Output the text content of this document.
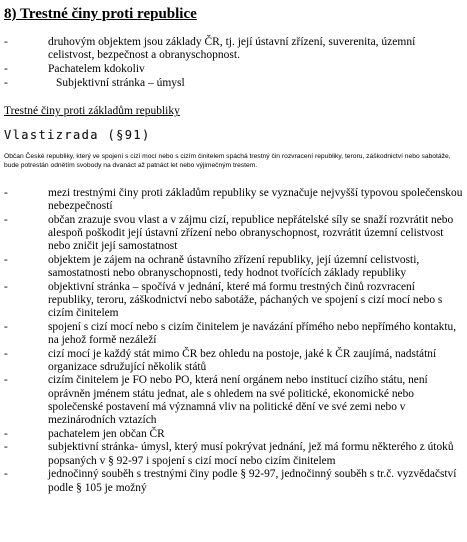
8) Trestné činy proti republice
- druhovým objektem jsou základy ČR, tj. její ústavní zřízení, suverenita, územní celistvost, bezpečnost a obranyschopnost.
- Pachatelem kdokoliv
- Subjektivní stránka – úmysl
Trestné činy proti základům republiky
Vlastizrada (§91)
Občan České republiky, který ve spojení s cizí mocí nebo s cizím činitelem spáchá trestný čin rozvracení republiky, teroru, záškodnictví nebo sabotáže, bude potrestán odnětím svobody na dvanáct až patnáct let nebo výjimečným trestem.
- mezi trestnými činy proti základům republiky se vyznačuje nejvyšší typovou společenskou nebezpečností
- občan zrazuje svou vlast a v zájmu cizí, republice nepřátelské síly se snaží rozvrátit nebo alespoň poškodit její ústavní zřízení nebo obranyschopnost, rozvrátit územní celistvost nebo zničit její samostatnost
- objektem je zájem na ochraně ústavního zřízení republiky, její územní celistvosti, samostatnosti nebo obranyschopnosti, tedy hodnot tvořících základy republiky
- objektivní stránka – spočívá v jednání, které má formu trestných činů rozvracení republiky, teroru, záškodnictví nebo sabotáže, páchaných ve spojení s cizí mocí nebo s cizím činitelem
- spojení s cizí mocí nebo s cizím činitelem je navázání přímého nebo nepřímého kontaktu, na jehož formě nezáleží
- cizí mocí je každý stát mimo ČR bez ohledu na postoje, jaké k ČR zaujímá, nadstátní organizace sdružující několik států
- cizím činitelem je FO nebo PO, která není orgánem nebo institucí cizího státu, není oprávněn jménem státu jednat, ale s ohledem na své politické, ekonomické nebo společenské postavení má významná vliv na politické dění ve své zemi nebo v mezinárodních vztazích
- pachatelem jen občan ČR
- subjektivní stránka- úmysl, který musí pokrývat jednání, jež má formu některého z útoků popsaných v § 92-97 i spojení s cizí mocí nebo cizím činitelem
- jednočinný souběh s trestnými činy podle § 92-97, jednočinný souběh s tr.č. vyzvědačství podle § 105 je možný
